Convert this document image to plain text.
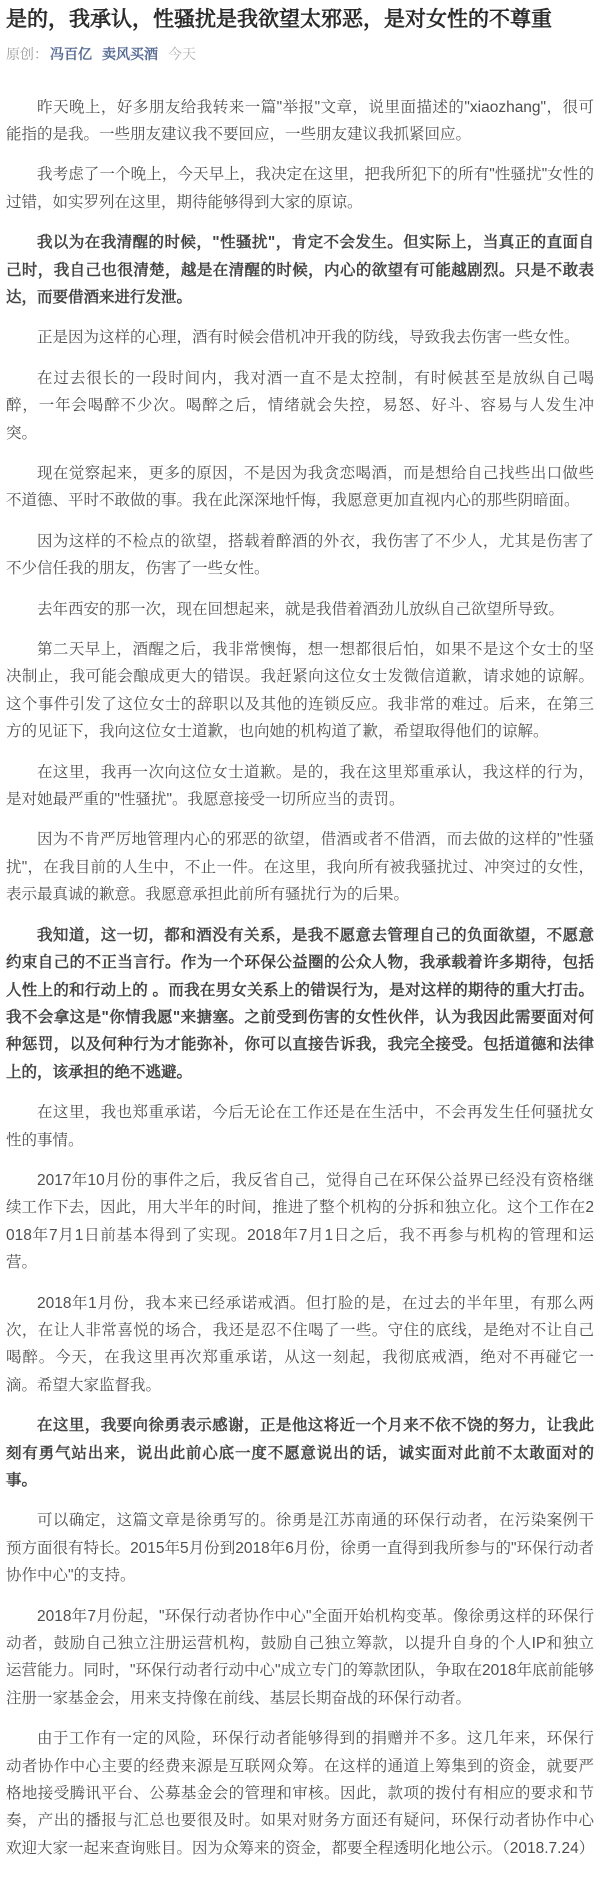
是的，我承认，性骚扰是我欲望太邪恶，是对女性的不尊重
原创： 冯百亿 卖风买酒 今天

昨天晚上，好多朋友给我转来一篇"举报"文章，说里面描述的"xiaozhang"，很可能指的是我。一些朋友建议我不要回应，一些朋友建议我抓紧回应。

我考虑了一个晚上，今天早上，我决定在这里，把我所犯下的所有"性骚扰"女性的过错，如实罗列在这里，期待能够得到大家的原谅。

我以为在我清醒的时候，"性骚扰"，肯定不会发生。但实际上，当真正的直面自己时，我自己也很清楚，越是在清醒的时候，内心的欲望有可能越剧烈。只是不敢表达，而要借酒来进行发泄。

正是因为这样的心理，酒有时候会借机冲开我的防线，导致我去伤害一些女性。

在过去很长的一段时间内，我对酒一直不是太控制，有时候甚至是放纵自己喝醉，一年会喝醉不少次。喝醉之后，情绪就会失控，易怒、好斗、容易与人发生冲突。

现在觉察起来，更多的原因，不是因为我贪恋喝酒，而是想给自己找些出口做些不道德、平时不敢做的事。我在此深深地忏悔，我愿意更加直视内心的那些阴暗面。

因为这样的不检点的欲望，搭载着醉酒的外衣，我伤害了不少人，尤其是伤害了不少信任我的朋友，伤害了一些女性。

去年西安的那一次，现在回想起来，就是我借着酒劲儿放纵自己欲望所导致。

第二天早上，酒醒之后，我非常懊悔，想一想都很后怕，如果不是这个女士的坚决制止，我可能会酿成更大的错误。我赶紧向这位女士发微信道歉，请求她的谅解。这个事件引发了这位女士的辞职以及其他的连锁反应。我非常的难过。后来，在第三方的见证下，我向这位女士道歉，也向她的机构道了歉，希望取得他们的谅解。

在这里，我再一次向这位女士道歉。是的，我在这里郑重承认，我这样的行为，是对她最严重的"性骚扰"。我愿意接受一切所应当的责罚。

因为不肯严厉地管理内心的邪恶的欲望，借酒或者不借酒，而去做的这样的"性骚扰"，在我目前的人生中，不止一件。在这里，我向所有被我骚扰过、冲突过的女性，表示最真诚的歉意。我愿意承担此前所有骚扰行为的后果。

我知道，这一切，都和酒没有关系，是我不愿意去管理自己的负面欲望，不愿意约束自己的不正当言行。作为一个环保公益圈的公众人物，我承载着许多期待，包括人性上的和行动上的 。而我在男女关系上的错误行为，是对这样的期待的重大打击。我不会拿这是"你情我愿"来搪塞。之前受到伤害的女性伙伴，认为我因此需要面对何种惩罚，以及何种行为才能弥补，你可以直接告诉我，我完全接受。包括道德和法律上的，该承担的绝不逃避。

在这里，我也郑重承诺，今后无论在工作还是在生活中，不会再发生任何骚扰女性的事情。

2017年10月份的事件之后，我反省自己，觉得自己在环保公益界已经没有资格继续工作下去，因此，用大半年的时间，推进了整个机构的分拆和独立化。这个工作在2018年7月1日前基本得到了实现。2018年7月1日之后，我不再参与机构的管理和运营。

2018年1月份，我本来已经承诺戒酒。但打脸的是，在过去的半年里，有那么两次，在让人非常喜悦的场合，我还是忍不住喝了一些。守住的底线，是绝对不让自己喝醉。今天，在我这里再次郑重承诺，从这一刻起，我彻底戒酒，绝对不再碰它一滴。希望大家监督我。

在这里，我要向徐勇表示感谢，正是他这将近一个月来不依不饶的努力，让我此刻有勇气站出来，说出此前心底一度不愿意说出的话，诚实面对此前不太敢面对的事。

可以确定，这篇文章是徐勇写的。徐勇是江苏南通的环保行动者，在污染案例干预方面很有特长。2015年5月份到2018年6月份，徐勇一直得到我所参与的"环保行动者协作中心"的支持。

2018年7月份起，"环保行动者协作中心"全面开始机构变革。像徐勇这样的环保行动者，鼓励自己独立注册运营机构，鼓励自己独立筹款，以提升自身的个人IP和独立运营能力。同时，"环保行动者行动中心"成立专门的筹款团队，争取在2018年底前能够注册一家基金会，用来支持像在前线、基层长期奋战的环保行动者。

由于工作有一定的风险，环保行动者能够得到的捐赠并不多。这几年来，环保行动者协作中心主要的经费来源是互联网众筹。在这样的通道上筹集到的资金，就要严格地接受腾讯平台、公募基金会的管理和审核。因此，款项的拨付有相应的要求和节奏，产出的播报与汇总也要很及时。如果对财务方面还有疑问，环保行动者协作中心欢迎大家一起来查询账目。因为众筹来的资金，都要全程透明化地公示。（2018.7.24）
